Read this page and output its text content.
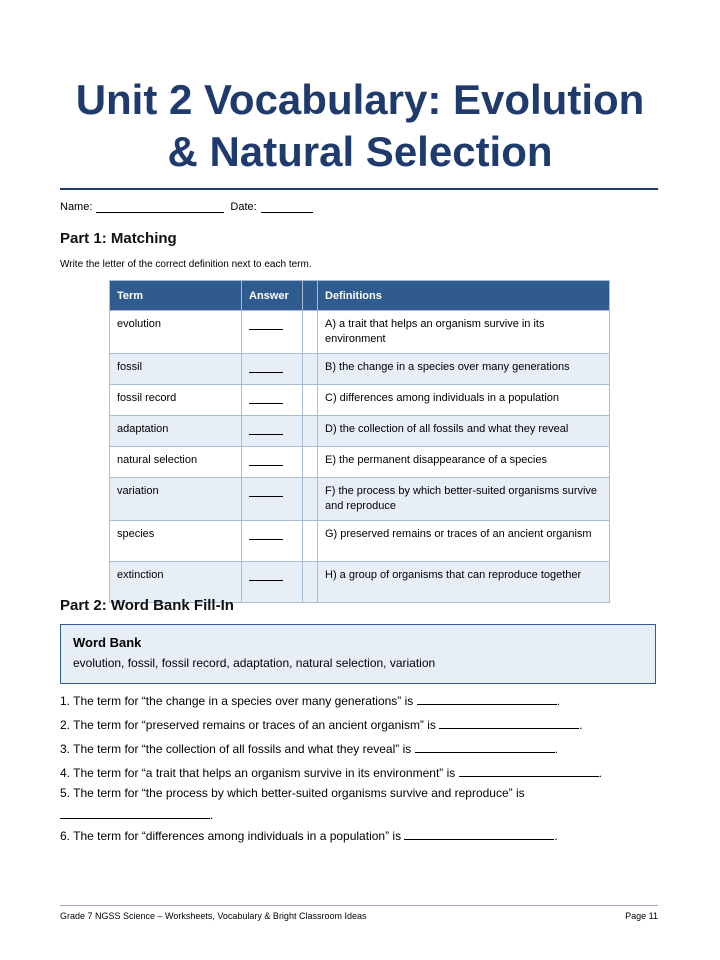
Unit 2 Vocabulary: Evolution
& Natural Selection
Name:	Date:
Part 1: Matching
Write the letter of the correct definition next to each term.
Term	Answer		Definitions
evolution			A) a trait that helps an organism survive in its environment
fossil			B) the change in a species over many generations
fossil record			C) differences among individuals in a population
adaptation			D) the collection of all fossils and what they reveal
natural selection			E) the permanent disappearance of a species
variation			F) the process by which better-suited organisms survive and reproduce
species			G) preserved remains or traces of an ancient organism
extinction			H) a group of organisms that can reproduce together
Part 2: Word Bank Fill-In
Word Bank
evolution, fossil, fossil record, adaptation, natural selection, variation
1. The term for “the change in a species over many generations” is	.
2. The term for “preserved remains or traces of an ancient organism” is	.
3. The term for “the collection of all fossils and what they reveal” is	.
4. The term for “a trait that helps an organism survive in its environment” is	.
5. The term for “the process by which better-suited organisms survive and reproduce” is
.
6. The term for “differences among individuals in a population” is	.
Grade 7 NGSS Science – Worksheets, Vocabulary & Bright Classroom Ideas	Page 11
